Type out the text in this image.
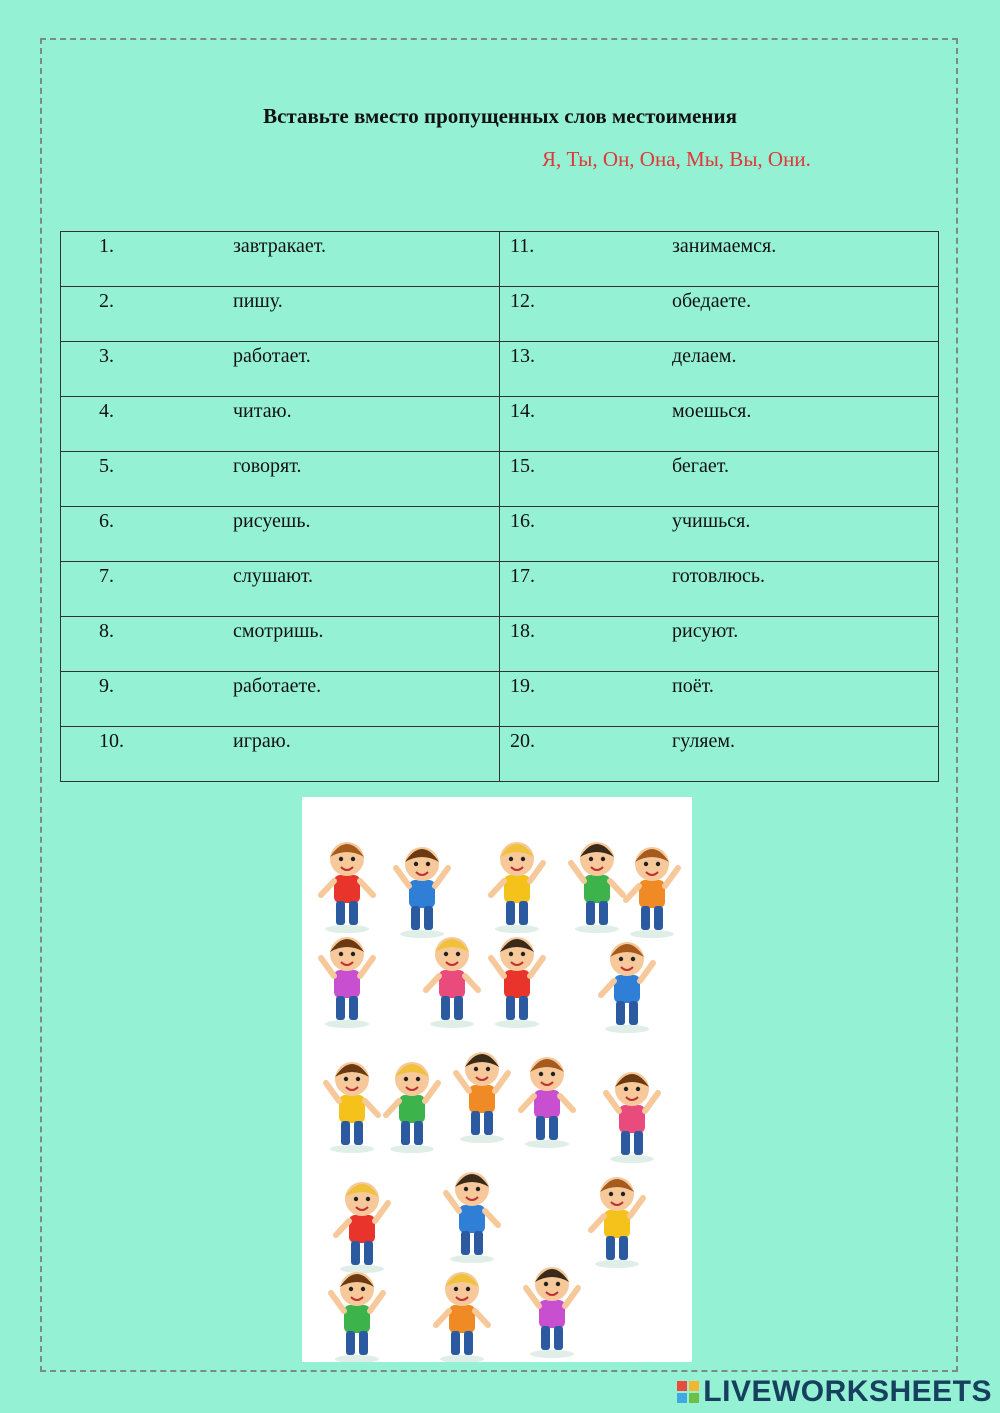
Вставьте вместо пропущенных слов местоимения
Я, Ты, Он, Она, Мы, Вы, Они.
1. завтракает.	11. занимаемся.

2. пишу.	12. обедаете.

3. работает.	13. делаем.

4. читаю.	14. моешься.

5. говорят.	15. бегает.

6. рисуешь.	16. учишься.

7. слушают.	17. готовлюсь.

8. смотришь.	18. рисуют.

9. работаете.	19. поёт.

10. играю.	20. гуляем.
LIVEWORKSHEETS
